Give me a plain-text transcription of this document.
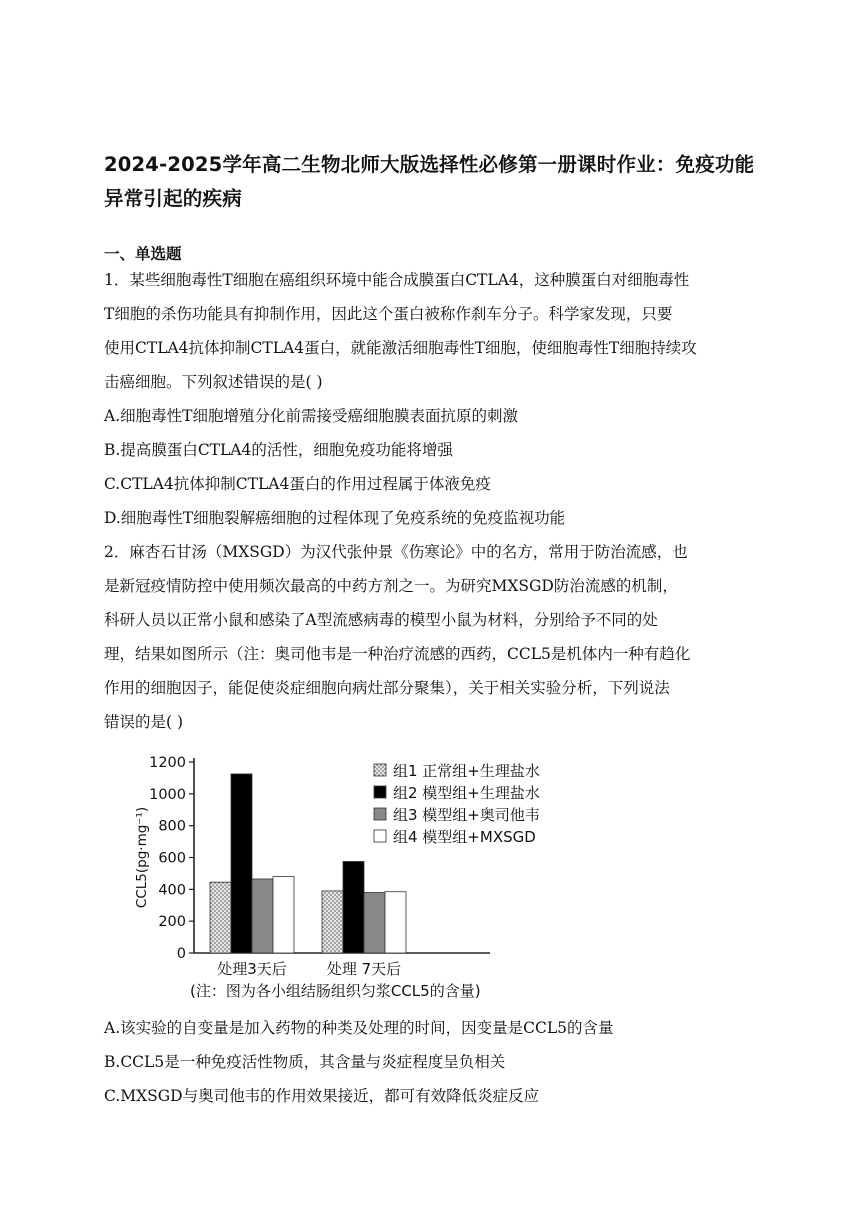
2024-2025学年高二生物北师大版选择性必修第一册课时作业：免疫功能
异常引起的疾病
一、单选题
1．某些细胞毒性T细胞在癌组织环境中能合成膜蛋白CTLA4，这种膜蛋白对细胞毒性
T细胞的杀伤功能具有抑制作用，因此这个蛋白被称作刹车分子。科学家发现，只要
使用CTLA4抗体抑制CTLA4蛋白，就能激活细胞毒性T细胞，使细胞毒性T细胞持续攻
击癌细胞。下列叙述错误的是( )
A.细胞毒性T细胞增殖分化前需接受癌细胞膜表面抗原的刺激
B.提高膜蛋白CTLA4的活性，细胞免疫功能将增强
C.CTLA4抗体抑制CTLA4蛋白的作用过程属于体液免疫
D.细胞毒性T细胞裂解癌细胞的过程体现了免疫系统的免疫监视功能
2．麻杏石甘汤（MXSGD）为汉代张仲景《伤寒论》中的名方，常用于防治流感，也
是新冠疫情防控中使用频次最高的中药方剂之一。为研究MXSGD防治流感的机制，
科研人员以正常小鼠和感染了A型流感病毒的模型小鼠为材料，分别给予不同的处
理，结果如图所示（注：奥司他韦是一种治疗流感的西药，CCL5是机体内一种有趋化
作用的细胞因子，能促使炎症细胞向病灶部分聚集），关于相关实验分析，下列说法
错误的是( )
A.该实验的自变量是加入药物的种类及处理的时间，因变量是CCL5的含量
B.CCL5是一种免疫活性物质，其含量与炎症程度呈负相关
C.MXSGD与奥司他韦的作用效果接近，都可有效降低炎症反应
0
200
400
600
800
1000
1200
CCL5(pg·mg⁻¹)
处理3天后	处理 7天后
组1 正常组+生理盐水
组2 模型组+生理盐水
组3 模型组+奥司他韦
组4 模型组+MXSGD
(注：图为各小组结肠组织匀浆CCL5的含量)
